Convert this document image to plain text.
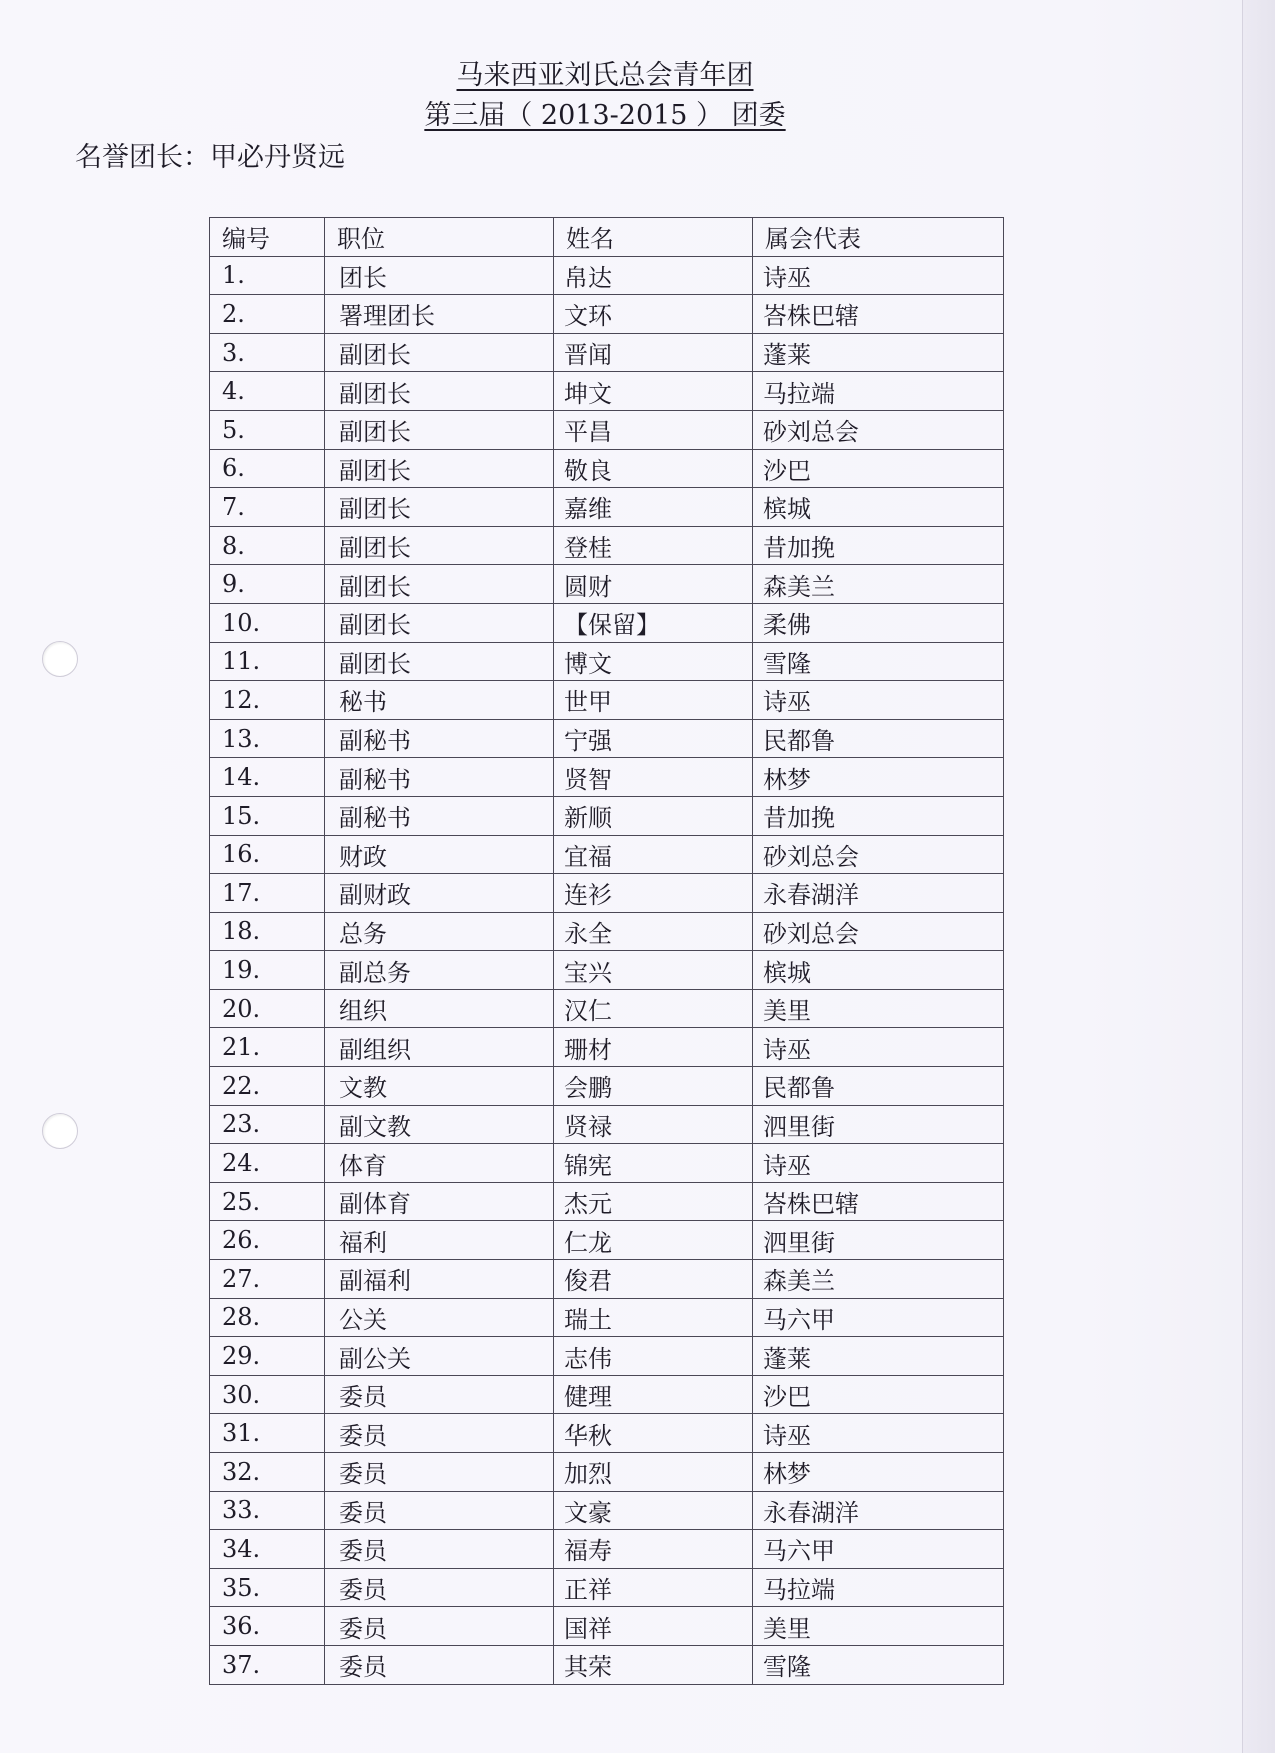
马来西亚刘氏总会青年团
第三届（ 2013-2015 ） 团委
名誉团长：甲必丹贤远
编号	职位	姓名	属会代表
1.	团长	帛达	诗巫
2.	署理团长	文环	峇株巴辖
3.	副团长	晋闻	蓬莱
4.	副团长	坤文	马拉端
5.	副团长	平昌	砂刘总会
6.	副团长	敬良	沙巴
7.	副团长	嘉维	槟城
8.	副团长	登桂	昔加挽
9.	副团长	圆财	森美兰
10.	副团长	【保留】	柔佛
11.	副团长	博文	雪隆
12.	秘书	世甲	诗巫
13.	副秘书	宁强	民都鲁
14.	副秘书	贤智	林梦
15.	副秘书	新顺	昔加挽
16.	财政	宜福	砂刘总会
17.	副财政	连衫	永春湖洋
18.	总务	永全	砂刘总会
19.	副总务	宝兴	槟城
20.	组织	汉仁	美里
21.	副组织	珊材	诗巫
22.	文教	会鹏	民都鲁
23.	副文教	贤禄	泗里街
24.	体育	锦宪	诗巫
25.	副体育	杰元	峇株巴辖
26.	福利	仁龙	泗里街
27.	副福利	俊君	森美兰
28.	公关	瑞土	马六甲
29.	副公关	志伟	蓬莱
30.	委员	健理	沙巴
31.	委员	华秋	诗巫
32.	委员	加烈	林梦
33.	委员	文豪	永春湖洋
34.	委员	福寿	马六甲
35.	委员	正祥	马拉端
36.	委员	国祥	美里
37.	委员	其荣	雪隆
